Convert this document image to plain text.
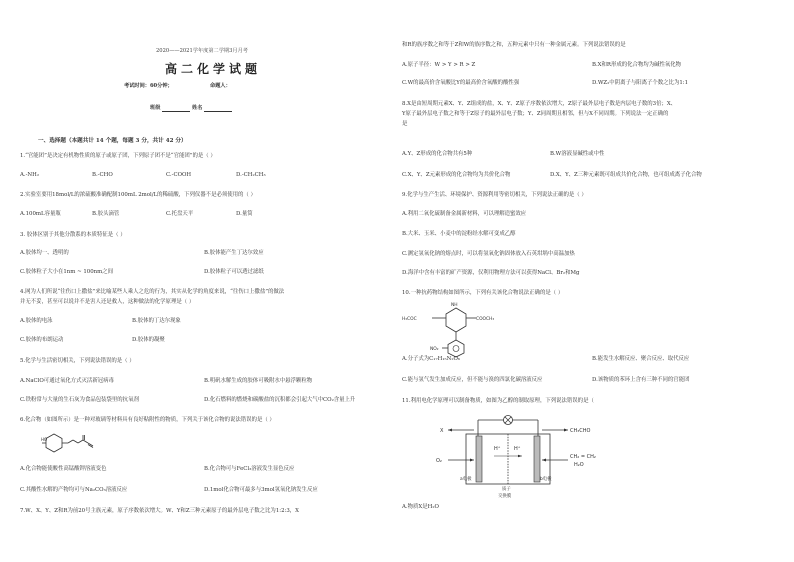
2020——2021学年度第二学期3月月考
高二化学试题
考试时间：60分钟；	命题人：
班级	姓名
一、选择题（本题共计 14 个题，每题 3 分，共计 42 分）
1.“官能团”是决定有机物性质的原子或原子团，下列原子团不是“官能团”的是（ ）
A.-NH₂	B.-CHO	C.-COOH	D.-CH₂CH₃
2.实验室要用18mol/L的浓硫酸准确配制100mL 2mol/L的稀硫酸，下列仪器不是必须使用的（ ）
A.100mL容量瓶	B.胶头滴管	C.托盘天平	D.量筒
3. 胶体区别于其他分散系的本质特征是（ ）
A.胶体均一、透明的	B.胶体能产生丁达尔效应
C.胶体粒子大小在1nm ~ 100nm之间	D.胶体粒子可以透过滤纸
4.网为人们所说“往伤口上撒盐”来比喻某些人乘人之危的行为，其实从化学的角度来说，“往伤口上撒盐”的做法
并无不妥，甚至可以说并不是害人还是救人，这种做法的化学原理是（ ）
A.胶体的电泳	B.胶体的丁达尔现象
C.胶体的布朗运动	D.胶体的凝聚
5.化学与生活密切相关，下列说法错误的是（ ）
A.NaClO可通过氧化方式灭活新冠病毒	B.明矾水解生成的胶体可吸附水中悬浮颗粒物
C.铁粉常与大量的生石灰为食品包装袋里的抗氧剂	D.化石燃料的燃烧和碳酸盐的沉积都会引起大气中CO₂含量上升
6.化合物（如图所示）是一种对玻璃等材料具有良好粘附性的物质，下列关于该化合物的说法错误的是（ ）
HO
A.化合物能使酸性高锰酸钾溶液变色	B.化合物可与FeCl₃溶液发生显色反应
C.其酸性水解的产物均可与Na₂CO₃溶液反应	D.1mol化合物可最多与3mol氢氧化钠发生反应
7.W、X、Y、Z和R为前20号主族元素，原子序数依次增大。W、Y和Z三种元素原子的最外层电子数之比为1:2:3，X
和R的族序数之和等于Z和W的族序数之和，五种元素中只有一种金属元素。下列说法错误的是
A.原子半径：W > Y > R > Z	B.X和R形成的化合物均为碱性氧化物
C.W的最高价含氧酸比Y的最高价含氧酸的酸性强	D.WZ₂中阴离子与阳离子个数之比为1:1
8.X是由短周期元素X、Y、Z组成的盐，X、Y、Z原子序数依次增大，Z原子最外层电子数是内层电子数的3倍；X、
Y原子最外层电子数之和等于Z原子的最外层电子数；Y、Z同周期且相邻，但与X不同周期。下列说法一定正确的
是
A.Y、Z形成的化合物共有5种	B.W溶液显碱性或中性
C.X、Y、Z元素形成的化合物均为共价化合物	D.X、Y、Z三种元素既可组成共价化合物，也可组成离子化合物
9.化学与生产生活、环境保护、资源利用等密切相关，下列说法正确的是（ ）
A.利用二氧化硫制备金属新材料，可以理解造蜜效应
B.大米、玉米、小麦中的淀粉经水解可变成乙醇
C.测定氢氧化钠的熔点时，可以将氢氧化钠固体放入石英坩埚中高温加热
D.海洋中含有丰富的矿产资源，仅利用物理方法可以获得NaCl、Br₂和Mg
10.一种抗药物结构如图所示，下列有关该化合物说法正确的是（ ）
H₃COC
NH
COOCH₃
NO₂
A.分子式为C₁₇H₁₅N₂O₆	B.能发生水解反应、聚合反应、取代反应
C.能与氢气发生加成反应，但不能与溴的四氯化碳溶液反应	D.该物质的苯环上含有三种不同的官能团
11.利用电化学原理可以制备物质，如图为乙醇的制取原理，下列说法错误的是（
X
O₂
H⁺	H⁺
a电极	b电极
质子
交换膜
CH₃CHO
CH₂ = CH₂
H₂O
A.物质X是H₂O
